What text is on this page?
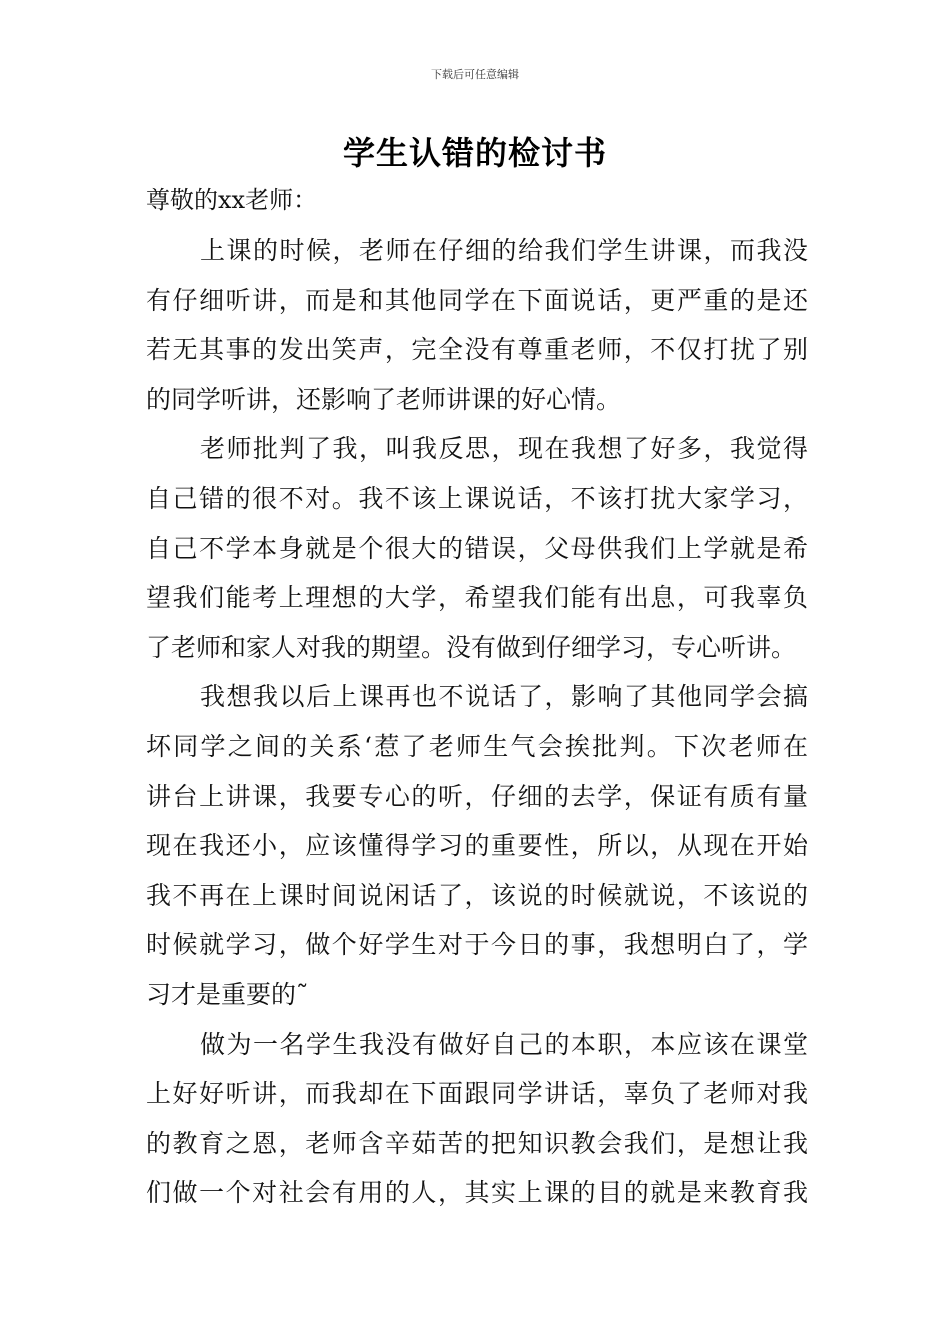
下载后可任意编辑
学生认错的检讨书
尊敬的xx老师：
上课的时候，老师在仔细的给我们学生讲课，而我没
有仔细听讲，而是和其他同学在下面说话，更严重的是还
若无其事的发出笑声，完全没有尊重老师，不仅打扰了别
的同学听讲，还影响了老师讲课的好心情。
老师批判了我，叫我反思，现在我想了好多，我觉得
自己错的很不对。我不该上课说话，不该打扰大家学习，
自己不学本身就是个很大的错误，父母供我们上学就是希
望我们能考上理想的大学，希望我们能有出息，可我辜负
了老师和家人对我的期望。没有做到仔细学习，专心听讲。
我想我以后上课再也不说话了，影响了其他同学会搞
坏同学之间的关系‘惹了老师生气会挨批判。下次老师在
讲台上讲课，我要专心的听，仔细的去学，保证有质有量
现在我还小，应该懂得学习的重要性，所以，从现在开始
我不再在上课时间说闲话了，该说的时候就说，不该说的
时候就学习，做个好学生对于今日的事，我想明白了，学
习才是重要的˜
做为一名学生我没有做好自己的本职，本应该在课堂
上好好听讲，而我却在下面跟同学讲话，辜负了老师对我
的教育之恩，老师含辛茹苦的把知识教会我们，是想让我
们做一个对社会有用的人，其实上课的目的就是来教育我
